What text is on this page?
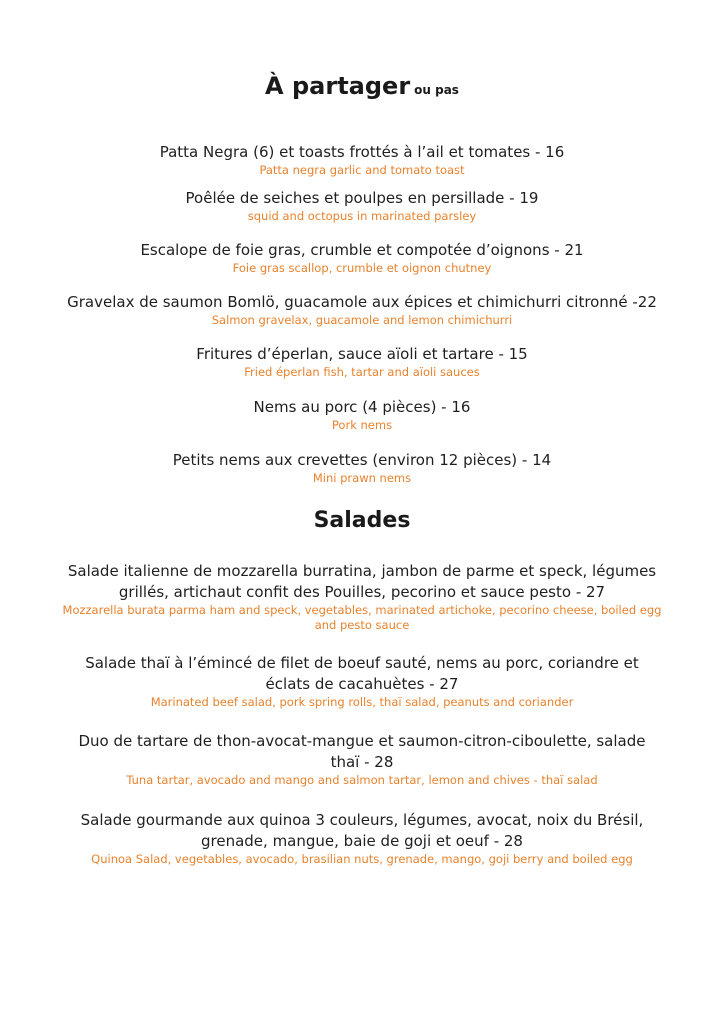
À partager ou pas
Patta Negra (6) et toasts frottés à l’ail et tomates - 16
Patta negra garlic and tomato toast
Poêlée de seiches et poulpes en persillade - 19
squid and octopus in marinated parsley
Escalope de foie gras, crumble et compotée d’oignons - 21
Foie gras scallop, crumble et oignon chutney
Gravelax de saumon Bomlö, guacamole aux épices et chimichurri citronné -22
Salmon gravelax, guacamole and lemon chimichurri
Fritures d’éperlan, sauce aïoli et tartare - 15
Fried éperlan fish, tartar and aïoli sauces
Nems au porc (4 pièces) - 16
Pork nems
Petits nems aux crevettes (environ 12 pièces) - 14
Mini prawn nems
Salades
Salade italienne de mozzarella burratina, jambon de parme et speck, légumes grillés, artichaut confit des Pouilles, pecorino et sauce pesto - 27
Mozzarella burata parma ham and speck, vegetables, marinated artichoke, pecorino cheese, boiled egg and pesto sauce
Salade thaï à l’émincé de filet de boeuf sauté, nems au porc, coriandre et éclats de cacahuètes - 27
Marinated beef salad, pork spring rolls, thaï salad, peanuts and coriander
Duo de tartare de thon-avocat-mangue et saumon-citron-ciboulette, salade thaï - 28
Tuna tartar, avocado and mango and salmon tartar, lemon and chives - thaï salad
Salade gourmande aux quinoa 3 couleurs, légumes, avocat, noix du Brésil, grenade, mangue, baie de goji et oeuf - 28
Quinoa Salad, vegetables, avocado, brasilian nuts, grenade, mango, goji berry and boiled egg
